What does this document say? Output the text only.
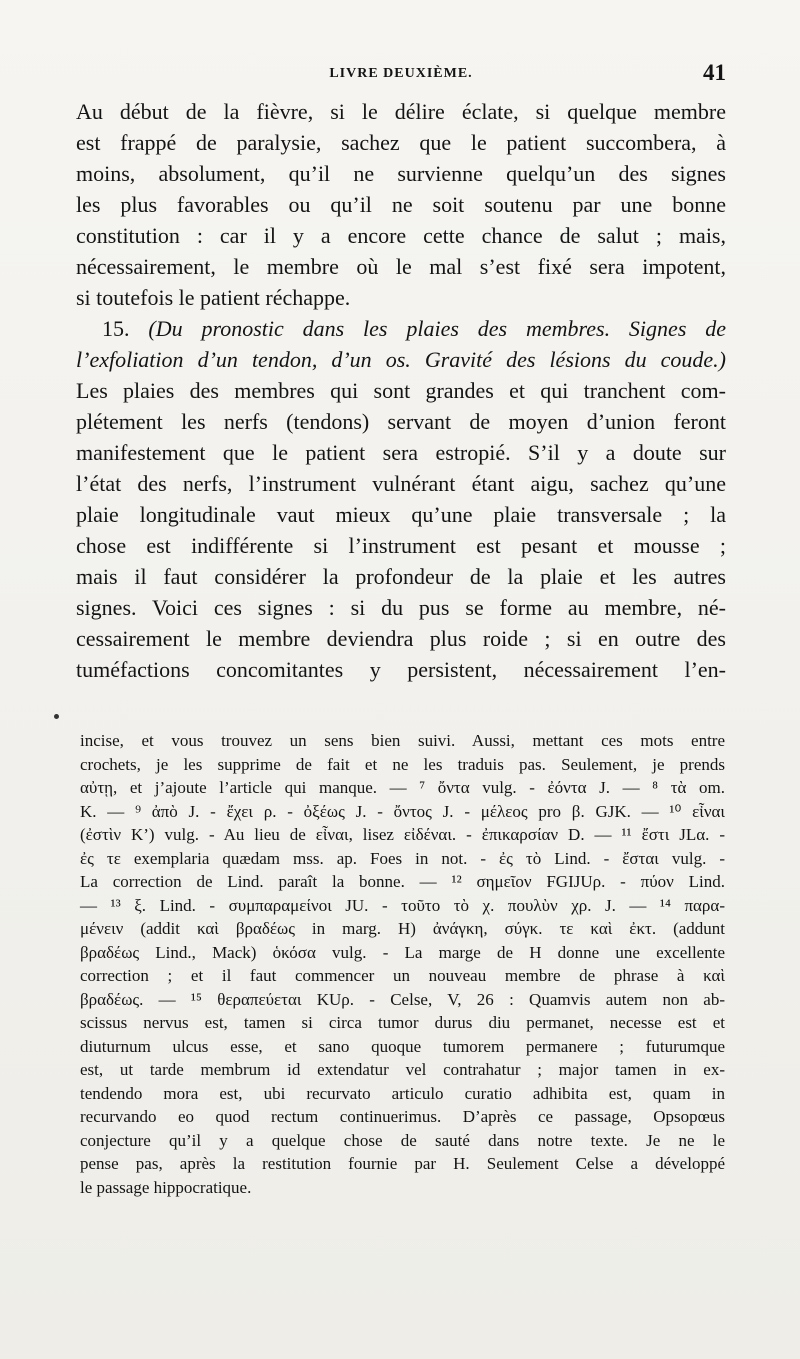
LIVRE DEUXIÈME.	41

Au début de la fièvre, si le délire éclate, si quelque membre
est frappé de paralysie, sachez que le patient succombera, à
moins, absolument, qu’il ne survienne quelqu’un des signes
les plus favorables ou qu’il ne soit soutenu par une bonne
constitution : car il y a encore cette chance de salut ; mais,
nécessairement, le membre où le mal s’est fixé sera impotent,
si toutefois le patient réchappe.

15. (Du pronostic dans les plaies des membres. Signes de
l’exfoliation d’un tendon, d’un os. Gravité des lésions du coude.)

Les plaies des membres qui sont grandes et qui tranchent com-
plétement les nerfs (tendons) servant de moyen d’union feront
manifestement que le patient sera estropié. S’il y a doute sur
l’état des nerfs, l’instrument vulnérant étant aigu, sachez qu’une
plaie longitudinale vaut mieux qu’une plaie transversale ; la
chose est indifférente si l’instrument est pesant et mousse ;
mais il faut considérer la profondeur de la plaie et les autres
signes. Voici ces signes : si du pus se forme au membre, né-
cessairement le membre deviendra plus roide ; si en outre des
tuméfactions concomitantes y persistent, nécessairement l’en-

incise, et vous trouvez un sens bien suivi. Aussi, mettant ces mots entre
crochets, je les supprime de fait et ne les traduis pas. Seulement, je prends
αὐτῃ, et j’ajoute l’article qui manque. — ⁷ ὄντα vulg. - ἐόντα J. — ⁸ τὰ om.
K. — ⁹ ἀπὸ J. - ἔχει ρ. - ὀξέως J. - ὄντος J. - μέλεος pro β. GJK. — ¹⁰ εἶναι
(ἐστὶν K’) vulg. - Au lieu de εἶναι, lisez εἰδέναι. - ἐπικαρσίαν D. — ¹¹ ἔστι JLα. -
ἐς τε exemplaria quædam mss. ap. Foes in not. - ἐς τὸ Lind. - ἔσται vulg. -
La correction de Lind. paraît la bonne. — ¹² σημεῖον FGIJUρ. - πύον Lind.
— ¹³ ξ. Lind. - συμπαραμείνοι JU. - τοῦτο τὸ χ. πουλὺν χρ. J. — ¹⁴ παρα-
μένειν (addit καὶ βραδέως in marg. H) ἀνάγκη, σύγκ. τε καὶ ἐκτ. (addunt
βραδέως Lind., Mack) ὁκόσα vulg. - La marge de H donne une excellente
correction ; et il faut commencer un nouveau membre de phrase à καὶ
βραδέως. — ¹⁵ θεραπεύεται KUρ. - Celse, V, 26 : Quamvis autem non ab-
scissus nervus est, tamen si circa tumor durus diu permanet, necesse est et
diuturnum ulcus esse, et sano quoque tumorem permanere ; futurumque
est, ut tarde membrum id extendatur vel contrahatur ; major tamen in ex-
tendendo mora est, ubi recurvato articulo curatio adhibita est, quam in
recurvando eo quod rectum continuerimus. D’après ce passage, Opsopœus
conjecture qu’il y a quelque chose de sauté dans notre texte. Je ne le
pense pas, après la restitution fournie par H. Seulement Celse a développé
le passage hippocratique.
